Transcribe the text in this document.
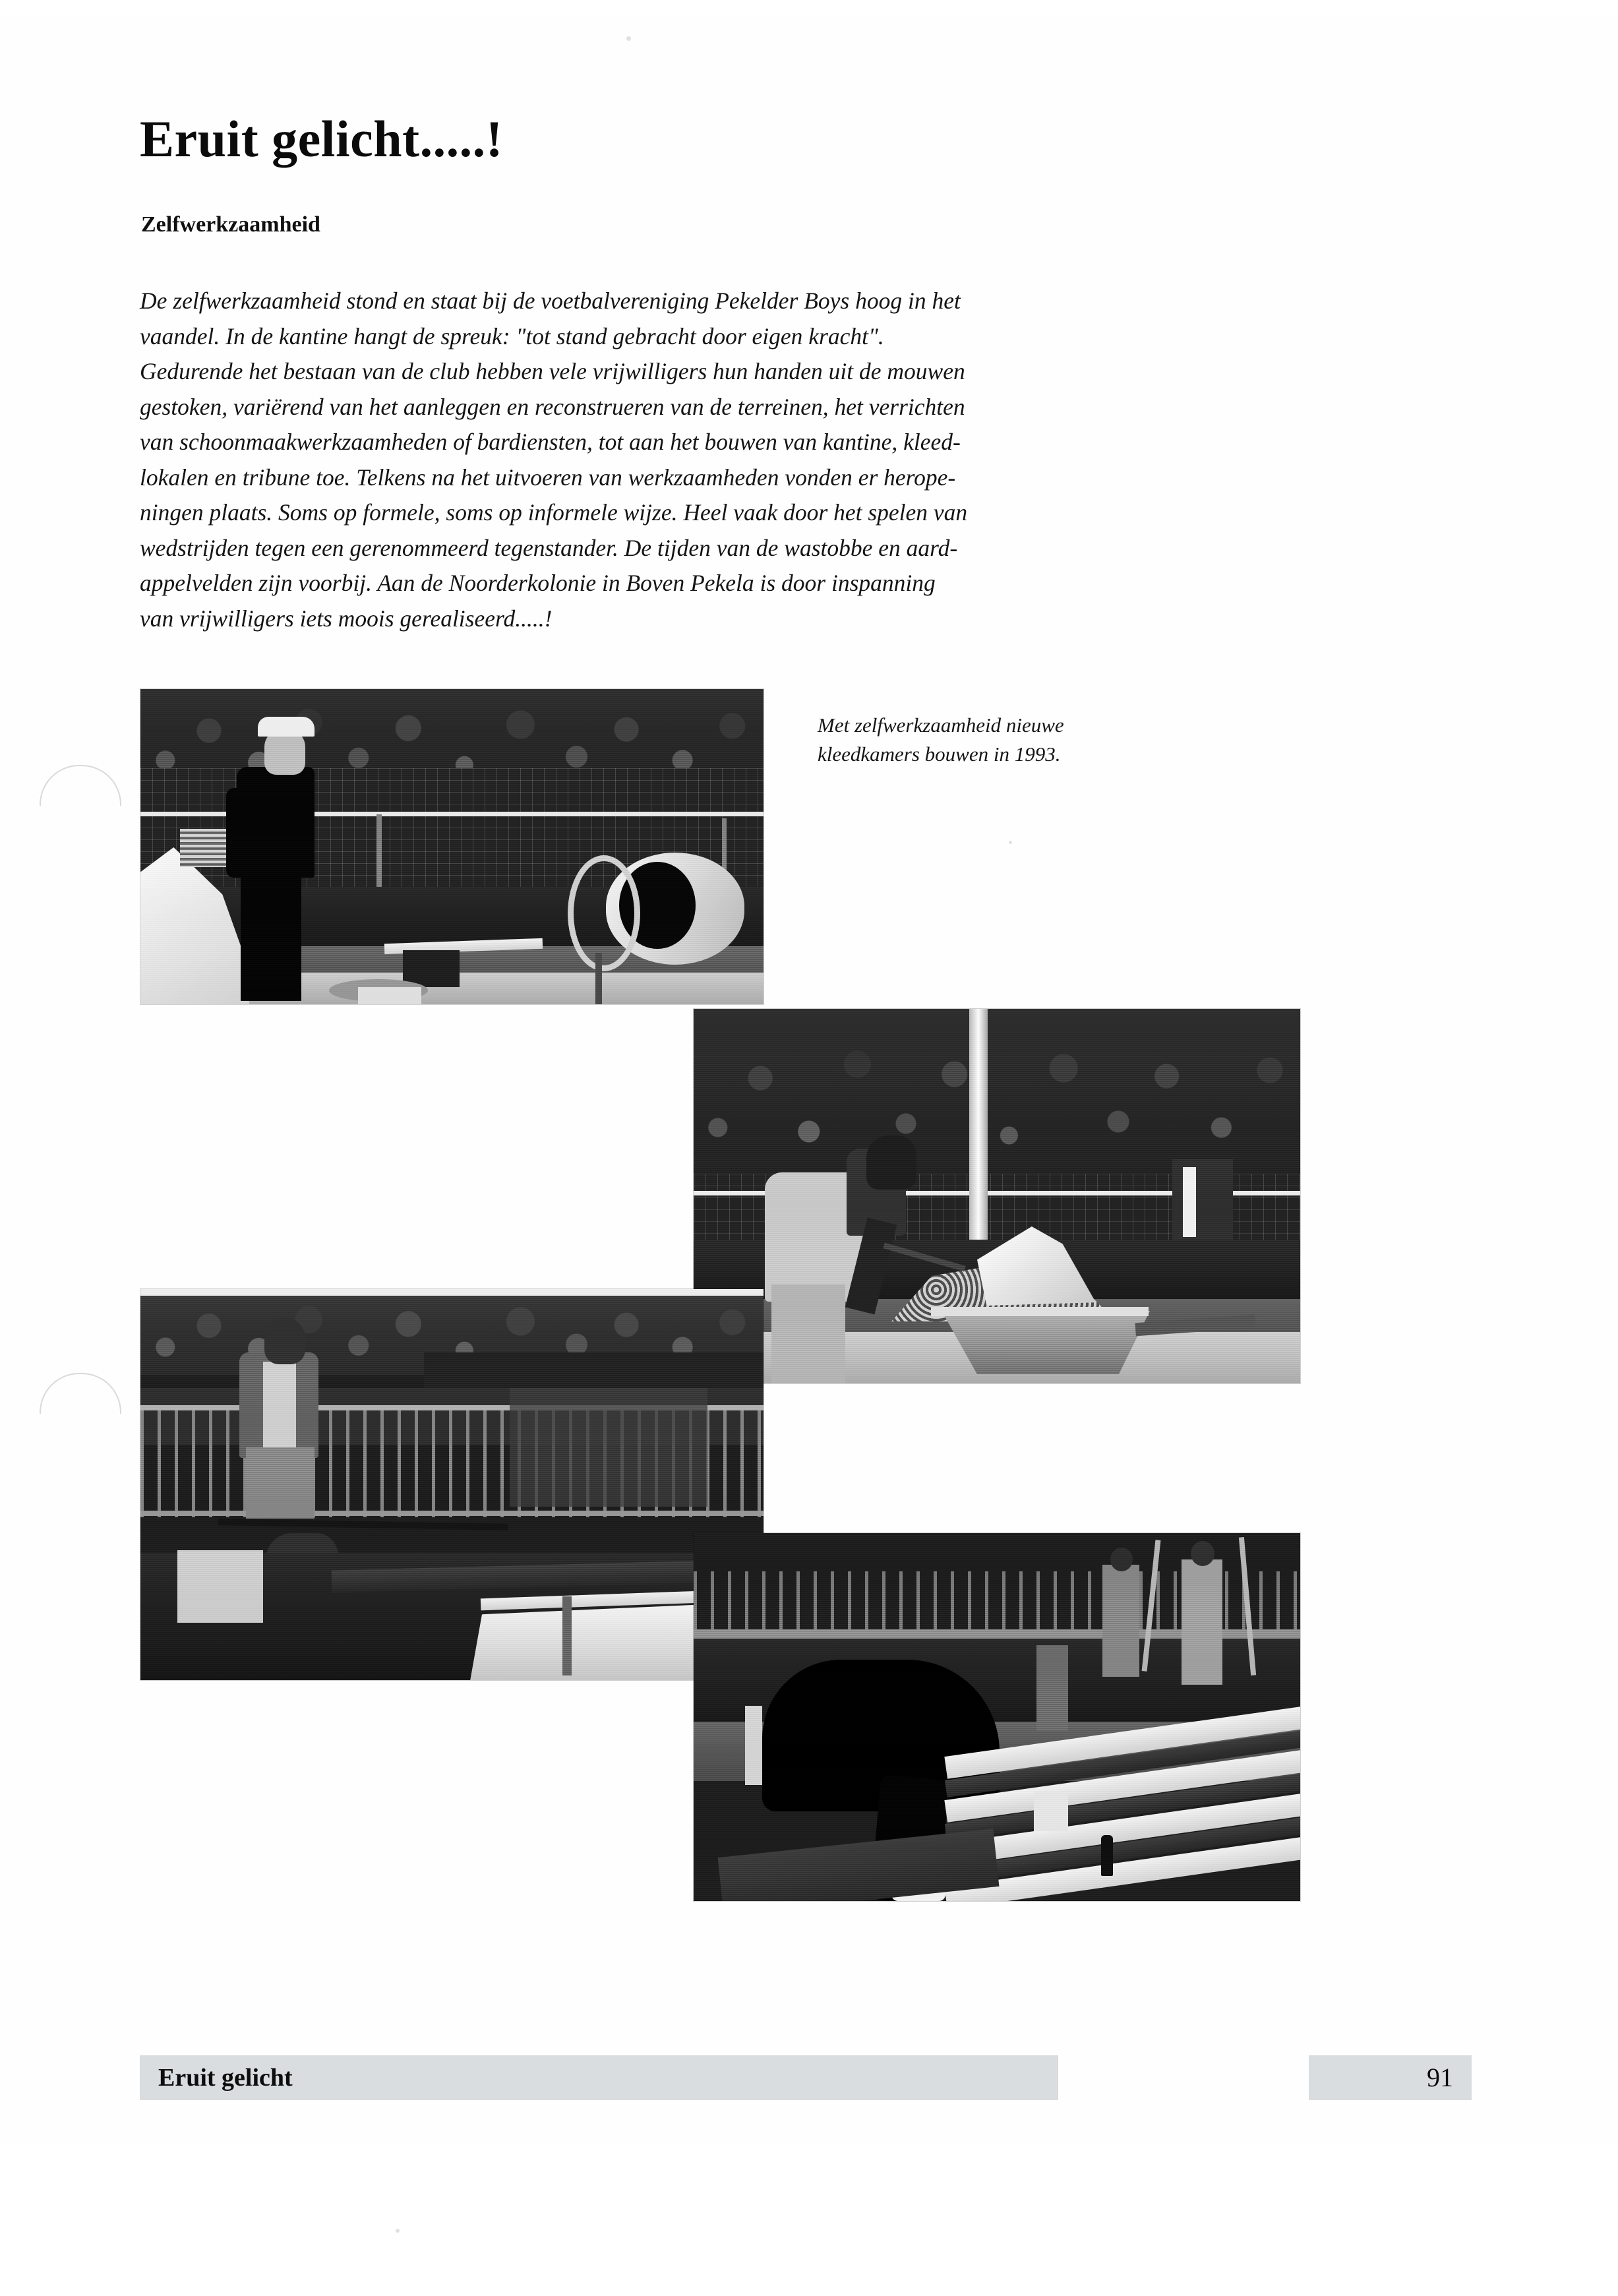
Eruit gelicht.....!
Zelfwerkzaamheid
De zelfwerkzaamheid stond en staat bij de voetbalvereniging Pekelder Boys hoog in het
vaandel. In de kantine hangt de spreuk: "tot stand gebracht door eigen kracht".
Gedurende het bestaan van de club hebben vele vrijwilligers hun handen uit de mouwen
gestoken, variërend van het aanleggen en reconstrueren van de terreinen, het verrichten
van schoonmaakwerkzaamheden of bardiensten, tot aan het bouwen van kantine, kleed-
lokalen en tribune toe. Telkens na het uitvoeren van werkzaamheden vonden er herope-
ningen plaats. Soms op formele, soms op informele wijze. Heel vaak door het spelen van
wedstrijden tegen een gerenommeerd tegenstander. De tijden van de wastobbe en aard-
appelvelden zijn voorbij. Aan de Noorderkolonie in Boven Pekela is door inspanning
van vrijwilligers iets moois gerealiseerd.....!
Met zelfwerkzaamheid nieuwe
kleedkamers bouwen in 1993.
Eruit gelicht	91
